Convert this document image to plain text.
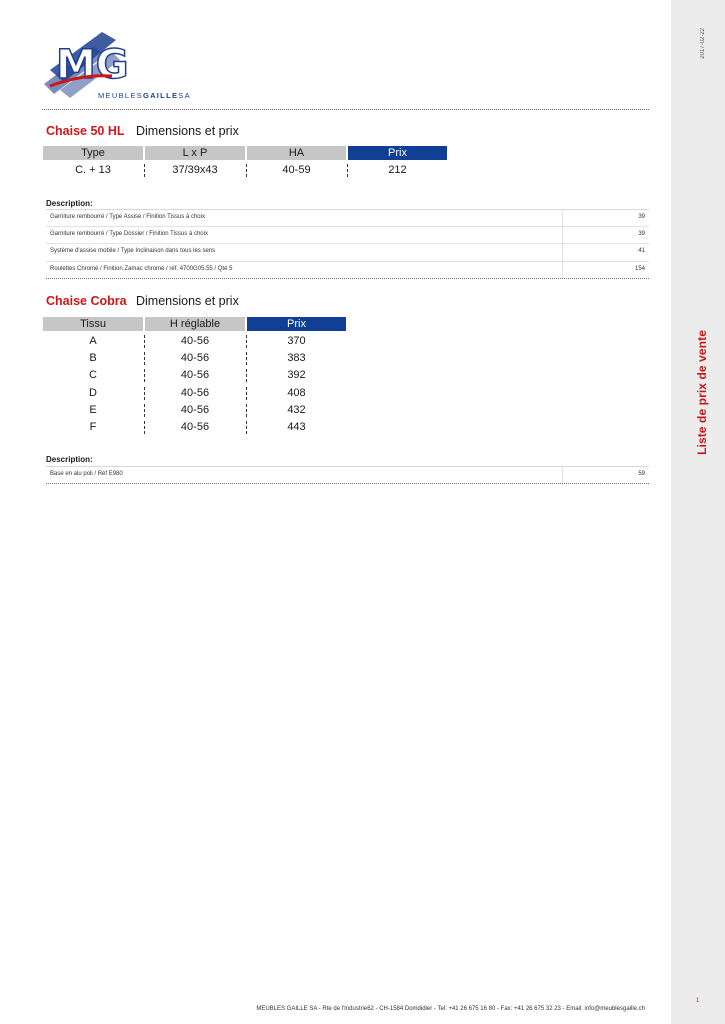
2017-02-22
Liste de prix de vente
1
MG
MEUBLESGAILLESA
Chaise 50 HL Dimensions et prix
Type	L x P	HA	Prix
C. + 13	37/39x43	40-59	212
Description:
Garniture rembourré / Type Assise / Finition Tissus à choix	39
Garniture rembourré / Type Dossier / Finition Tissus à choix	39
Système d'assise mobile / Type Inclinaison dans tous les sens	41
Roulettes Chromé / Finition Zamac chromé / réf. 4700G05.55 / Qté 5	154
Chaise Cobra Dimensions et prix
Tissu	H réglable	Prix
A	40-56	370
B	40-56	383
C	40-56	392
D	40-56	408
E	40-56	432
F	40-56	443
Description:
Base en alu poli / Réf E980	59
MEUBLES GAILLE SA - Rte de l'Industrie62 - CH-1584 Domdidier - Tel: +41 26 675 16 80 - Fax: +41 26 675 32 23 - Email: info@meublesgaille.ch
